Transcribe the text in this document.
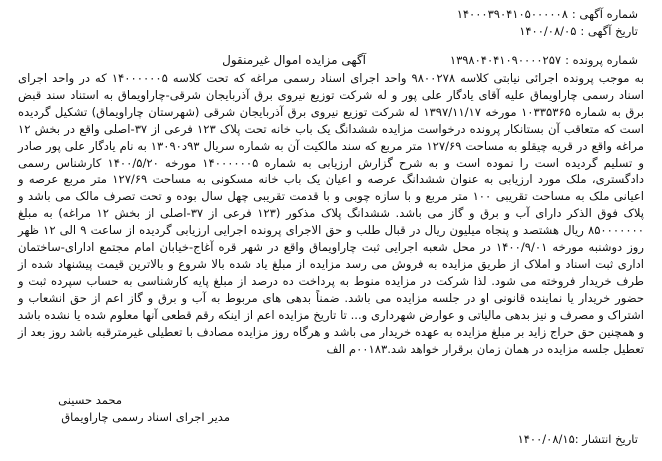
شماره آگهی :۱۴۰۰۰۳۹۰۴۱۰۵۰۰۰۰۰۸
تاریخ آگهی :۱۴۰۰/۰۸/۰۵
آگهی مزایده اموال غیرمنقول	شماره پرونده :۱۳۹۸۰۴۰۴۱۰۹۰۰۰۰۲۵۷
به موجب پرونده اجرائی نیابتی کلاسه ۹۸۰۰۲۷۸ واحد اجرای اسناد رسمی مراغه که تحت کلاسه ۱۴۰۰۰۰۰۰۵ که در واحد اجرای اسناد رسمی چاراویماق علیه آقای یادگار علی پور و له شرکت توزیع نیروی برق آذربایجان شرقی-چاراویماق به استناد سند قبض برق به شماره ۱۰۳۳۵۳۶۵ مورخه ۱۳۹۷/۱۱/۱۷ له شرکت توزیع نیروی برق آذربایجان شرقی (شهرستان چاراویماق) تشکیل گردیده است که متعاقب آن بستانکار پرونده درخواست مزایده ششدانگ یک باب خانه تحت پلاک ۱۲۳ فرعی از ۳۷-اصلی واقع در بخش ۱۲ مراغه واقع در قریه چیقلو به مساحت ۱۲۷/۶۹ متر مربع که سند مالکیت آن به شماره سریال ۹۳د۱۳۰۹۰ به نام یادگار علی پور صادر و تسلیم گردیده است را نموده است و به شرح گزارش ارزیابی به شماره ۱۴۰۰۰۰۰۰۵ مورخه ۱۴۰۰/۵/۲۰ کارشناس رسمی دادگستری، ملک مورد ارزیابی به عنوان ششدانگ عرصه و اعیان یک باب خانه مسکونی به مساحت ۱۲۷/۶۹ متر مربع عرصه و اعیانی ملک به مساحت تقریبی ۱۰۰ متر مربع و با سازه چوبی و با قدمت تقریبی چهل سال بوده و تحت تصرف مالک می باشد و پلاک فوق الذکر دارای آب و برق و گاز می باشد. ششدانگ پلاک مذکور (۱۲۳ فرعی از ۳۷-اصلی از بخش ۱۲ مراغه) به مبلغ ۸۵۰۰۰۰۰۰۰ ریال هشتصد و پنجاه میلیون ریال در قبال طلب و حق الاجرای پرونده اجرایی ارزیابی گردیده از ساعت ۹ الی ۱۲ ظهر روز دوشنبه مورخه ۱۴۰۰/۹/۰۱ در محل شعبه اجرایی ثبت چاراویماق واقع در شهر قره آغاج-خیابان امام مجتمع ادارای-ساختمان اداری ثبت اسناد و املاک از طریق مزایده به فروش می رسد مزایده از مبلغ یاد شده بالا شروع و بالاترین قیمت پیشنهاد شده از طرف خریدار فروخته می شود. لذا شرکت در مزایده منوط به پرداخت ده درصد از مبلغ پایه کارشناسی به حساب سپرده ثبت و حضور خریدار یا نماینده قانونی او در جلسه مزایده می باشد. ضمناً بدهی های مربوط به آب و برق و گاز اعم از حق انشعاب و اشتراک و مصرف و نیز بدهی مالیاتی و عوارض شهرداری و... تا تاریخ مزایده اعم از اینکه رقم قطعی آنها معلوم شده یا نشده باشد و همچنین حق حراج زاید بر مبلغ مزایده به عهده خریدار می باشد و هرگاه روز مزایده مصادف با تعطیلی غیرمترقبه باشد روز بعد از تعطیل جلسه مزایده در همان زمان برقرار خواهد شد.۰۰۱۸۳م الف
محمد حسینی
مدیر اجرای اسناد رسمی چاراویماق
تاریخ انتشار :۱۴۰۰/۰۸/۱۵
